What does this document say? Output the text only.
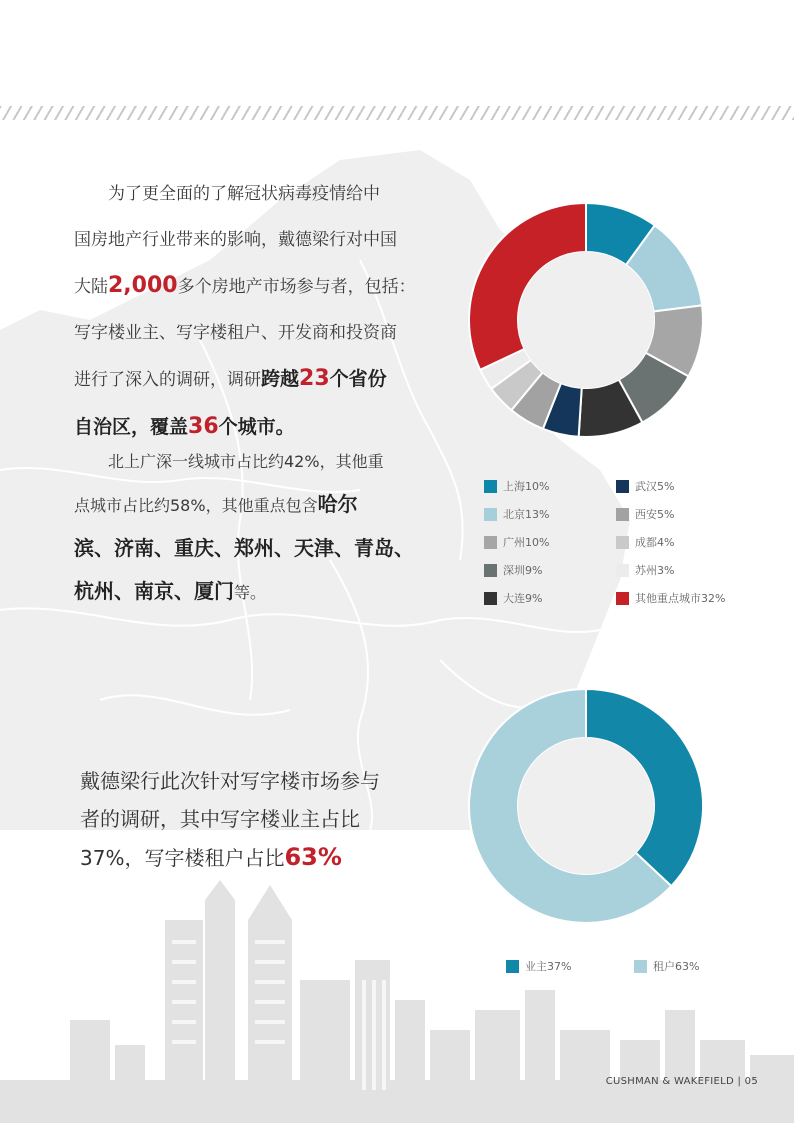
为了更全面的了解冠状病毒疫情给中
国房地产行业带来的影响，戴德梁行对中国
大陆2,000多个房地产市场参与者，包括：
写字楼业主、写字楼租户、开发商和投资商
进行了深入的调研，调研跨越23个省份
自治区，覆盖36个城市。
北上广深一线城市占比约42%，其他重
点城市占比约58%，其他重点包含哈尔
滨、济南、重庆、郑州、天津、青岛、
杭州、南京、厦门等。
上海10%
北京13%
广州10%
深圳9%
大连9%
武汉5%
西安5%
成都4%
苏州3%
其他重点城市32%
戴德梁行此次针对写字楼市场参与
者的调研，其中写字楼业主占比
37%，写字楼租户占比63%
业主37%	租户63%
CUSHMAN & WAKEFIELD | 05
